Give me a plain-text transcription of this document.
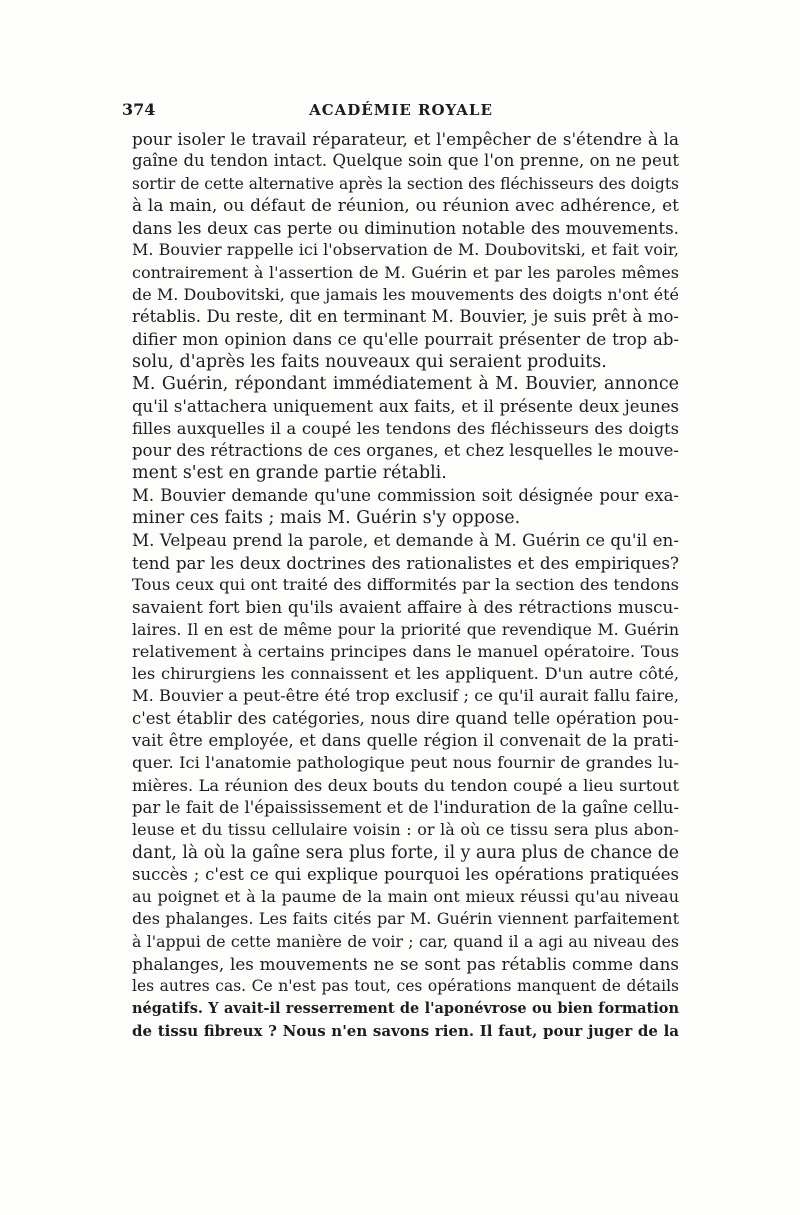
374	ACADÉMIE ROYALE
pour isoler le travail réparateur, et l'empêcher de s'étendre à la
gaîne du tendon intact. Quelque soin que l'on prenne, on ne peut
sortir de cette alternative après la section des fléchisseurs des doigts
à la main, ou défaut de réunion, ou réunion avec adhérence, et
dans les deux cas perte ou diminution notable des mouvements.
M. Bouvier rappelle ici l'observation de M. Doubovitski, et fait voir,
contrairement à l'assertion de M. Guérin et par les paroles mêmes
de M. Doubovitski, que jamais les mouvements des doigts n'ont été
rétablis. Du reste, dit en terminant M. Bouvier, je suis prêt à mo-
difier mon opinion dans ce qu'elle pourrait présenter de trop ab-
solu, d'après les faits nouveaux qui seraient produits.
M. Guérin, répondant immédiatement à M. Bouvier, annonce
qu'il s'attachera uniquement aux faits, et il présente deux jeunes
filles auxquelles il a coupé les tendons des fléchisseurs des doigts
pour des rétractions de ces organes, et chez lesquelles le mouve-
ment s'est en grande partie rétabli.
M. Bouvier demande qu'une commission soit désignée pour exa-
miner ces faits ; mais M. Guérin s'y oppose.
M. Velpeau prend la parole, et demande à M. Guérin ce qu'il en-
tend par les deux doctrines des rationalistes et des empiriques?
Tous ceux qui ont traité des difformités par la section des tendons
savaient fort bien qu'ils avaient affaire à des rétractions muscu-
laires. Il en est de même pour la priorité que revendique M. Guérin
relativement à certains principes dans le manuel opératoire. Tous
les chirurgiens les connaissent et les appliquent. D'un autre côté,
M. Bouvier a peut-être été trop exclusif ; ce qu'il aurait fallu faire,
c'est établir des catégories, nous dire quand telle opération pou-
vait être employée, et dans quelle région il convenait de la prati-
quer. Ici l'anatomie pathologique peut nous fournir de grandes lu-
mières. La réunion des deux bouts du tendon coupé a lieu surtout
par le fait de l'épaississement et de l'induration de la gaîne cellu-
leuse et du tissu cellulaire voisin : or là où ce tissu sera plus abon-
dant, là où la gaîne sera plus forte, il y aura plus de chance de
succès ; c'est ce qui explique pourquoi les opérations pratiquées
au poignet et à la paume de la main ont mieux réussi qu'au niveau
des phalanges. Les faits cités par M. Guérin viennent parfaitement
à l'appui de cette manière de voir ; car, quand il a agi au niveau des
phalanges, les mouvements ne se sont pas rétablis comme dans
les autres cas. Ce n'est pas tout, ces opérations manquent de détails
négatifs. Y avait-il resserrement de l'aponévrose ou bien formation
de tissu fibreux ? Nous n'en savons rien. Il faut, pour juger de la
